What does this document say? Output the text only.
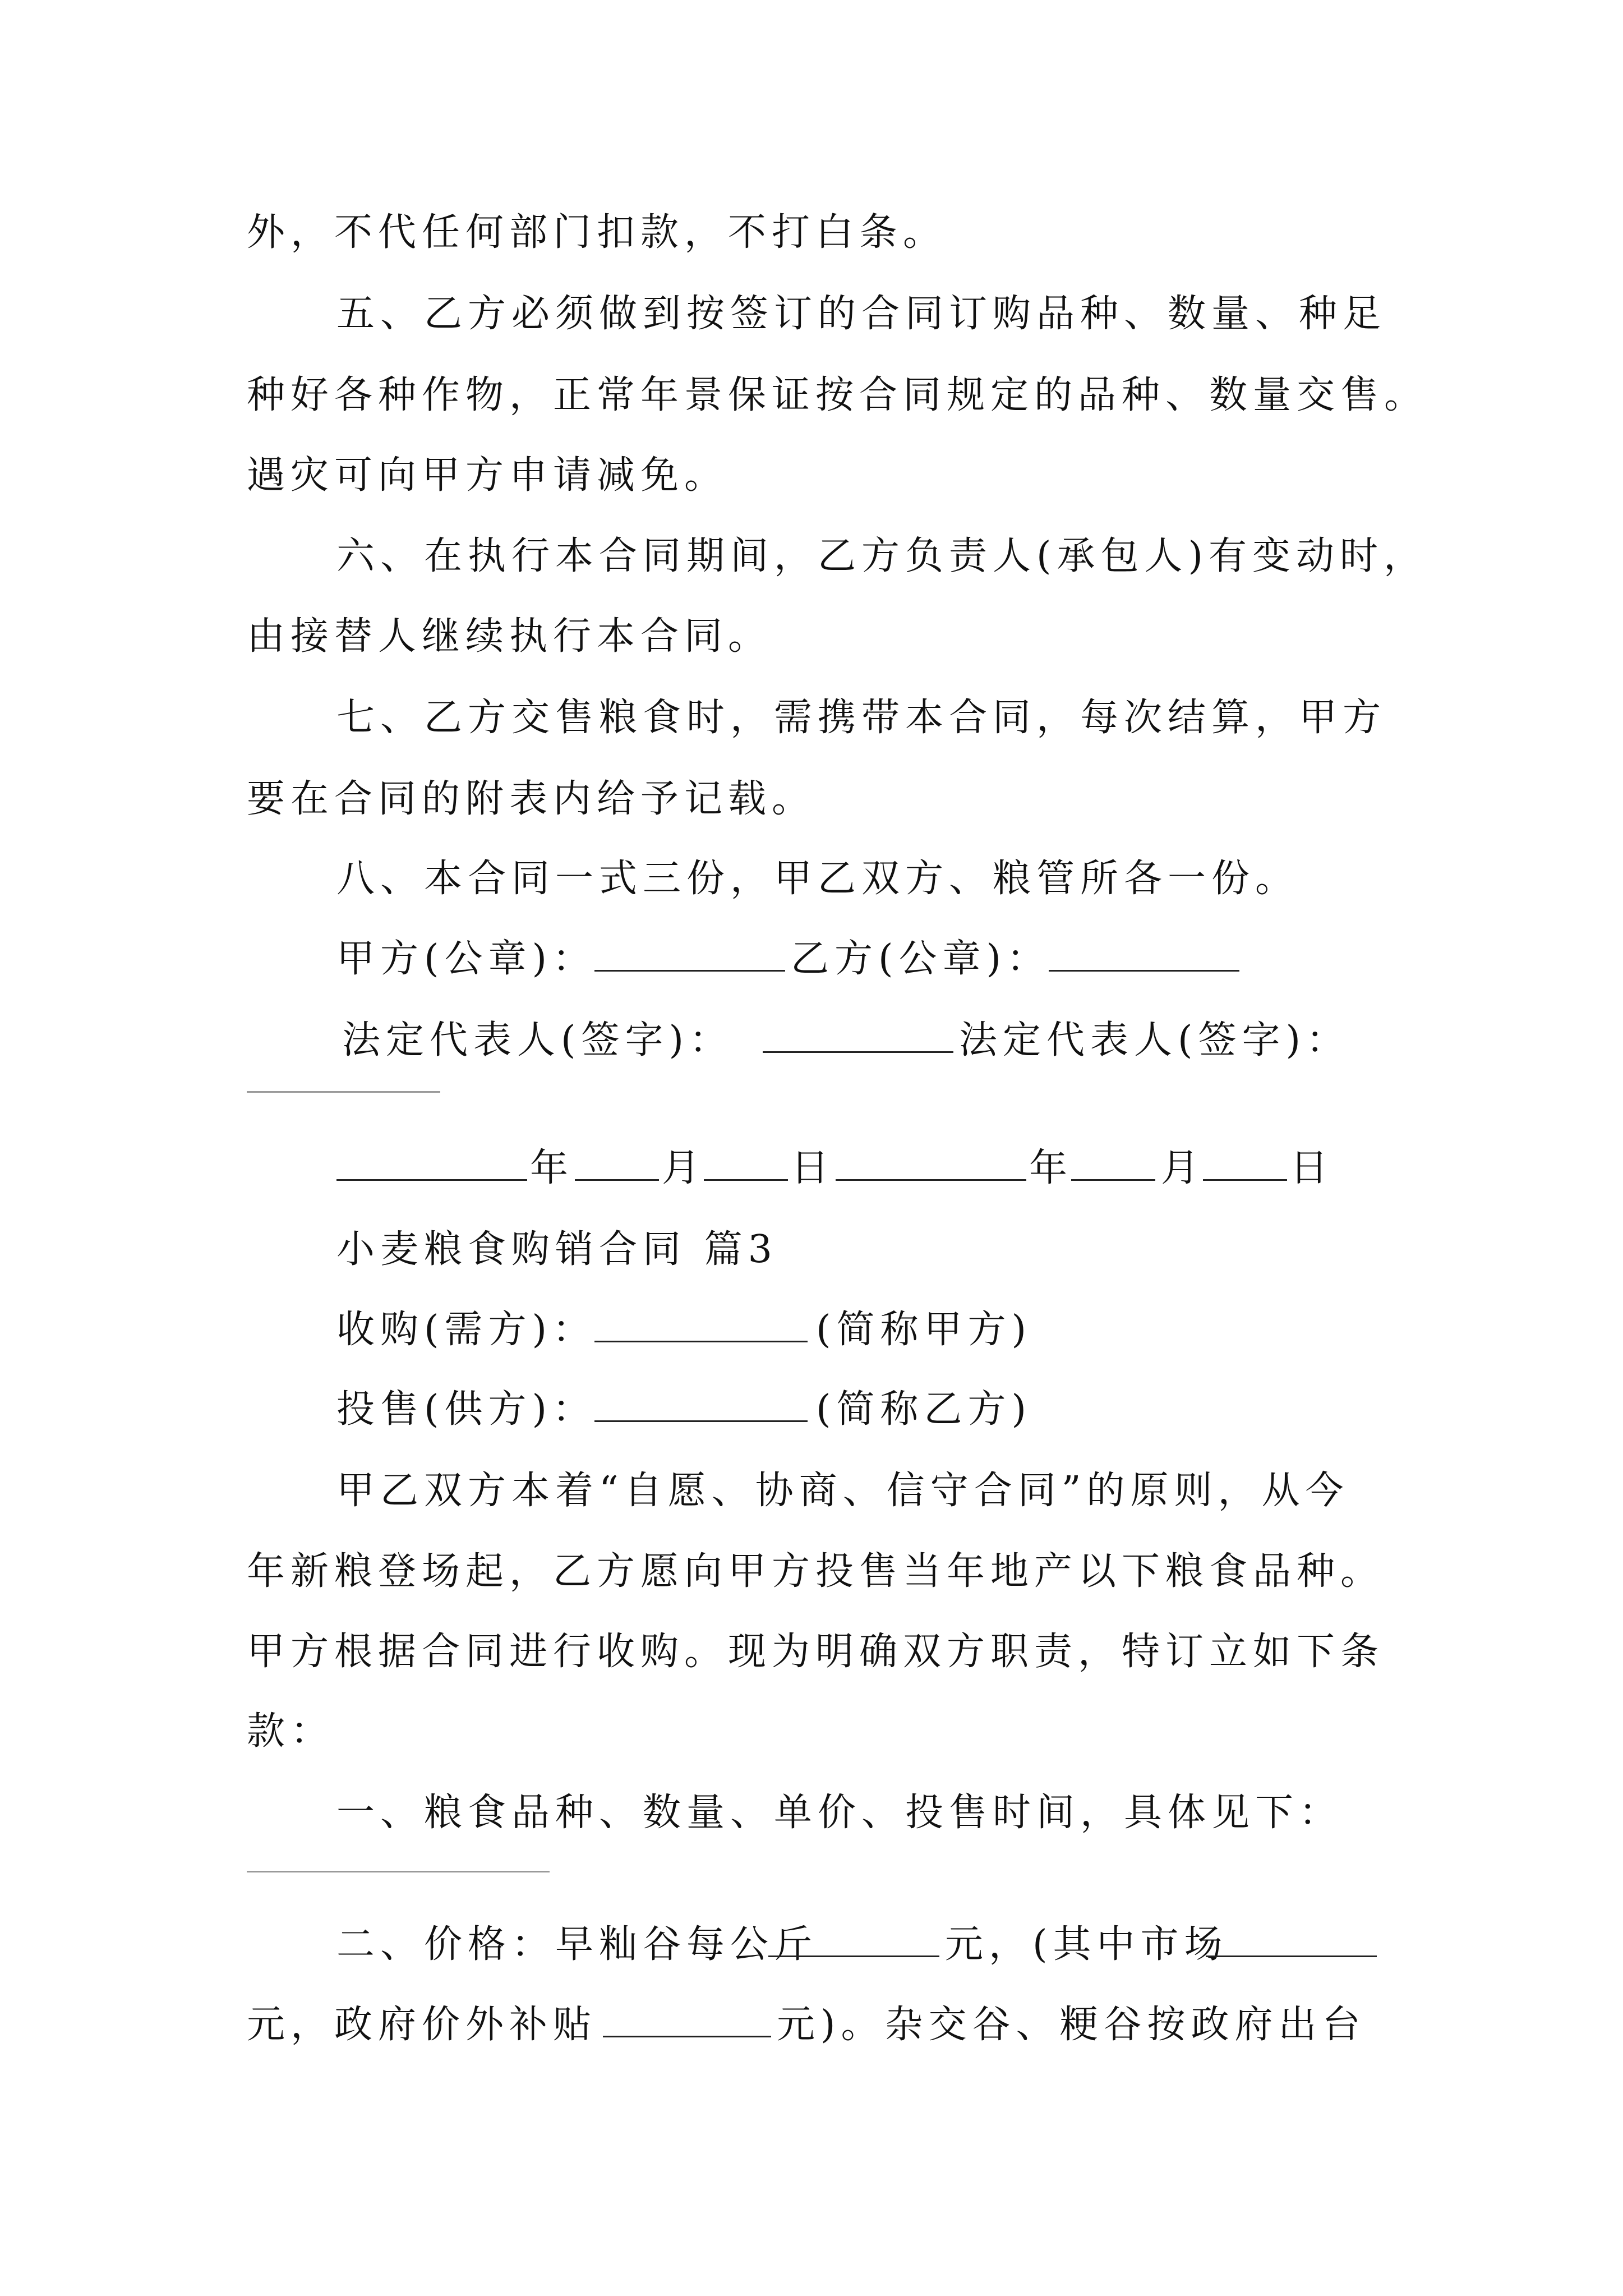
外，不代任何部门扣款，不打白条。
五、乙方必须做到按签订的合同订购品种、数量、种足
种好各种作物，正常年景保证按合同规定的品种、数量交售。
遇灾可向甲方申请减免。
六、在执行本合同期间，乙方负责人(承包人)有变动时，
由接替人继续执行本合同。
七、乙方交售粮食时，需携带本合同，每次结算，甲方
要在合同的附表内给予记载。
八、本合同一式三份，甲乙双方、粮管所各一份。
甲方(公章)：	乙方(公章)：
法定代表人(签字)：	法定代表人(签字)：
年 月 日	年 月 日
小麦粮食购销合同 篇3
收购(需方)：	(简称甲方)
投售(供方)：	(简称乙方)
甲乙双方本着“自愿、协商、信守合同”的原则，从今
年新粮登场起，乙方愿向甲方投售当年地产以下粮食品种。
甲方根据合同进行收购。现为明确双方职责，特订立如下条
款：
一、粮食品种、数量、单价、投售时间，具体见下：
二、价格：早籼谷每公斤	元，(其中市场
元，政府价外补贴	元)。杂交谷、粳谷按政府出台
